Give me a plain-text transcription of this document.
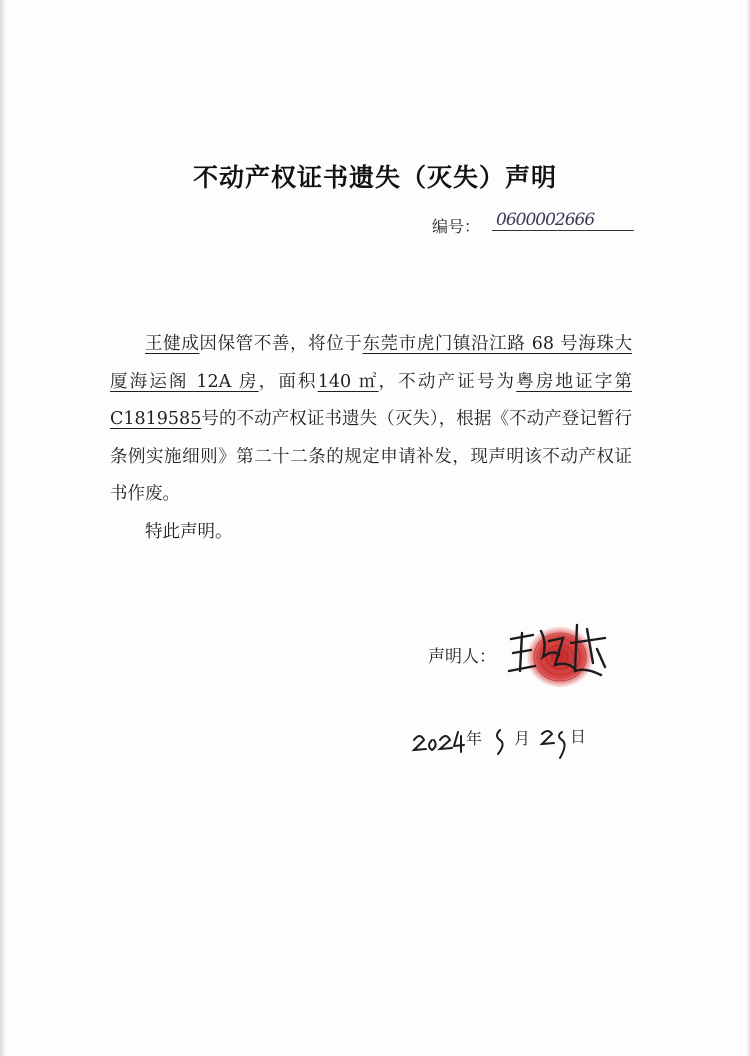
不动产权证书遗失（灭失）声明
编号： 0600002666

王健成因保管不善，将位于东莞市虎门镇沿江路 68 号海珠大厦海运阁 12A 房，面积140 ㎡，不动产证号为粤房地证字第 C1819585号的不动产权证书遗失（灭失），根据《不动产登记暂行条例实施细则》第二十二条的规定申请补发，现声明该不动产权证书作废。

特此声明。

声明人：
年 月 日
